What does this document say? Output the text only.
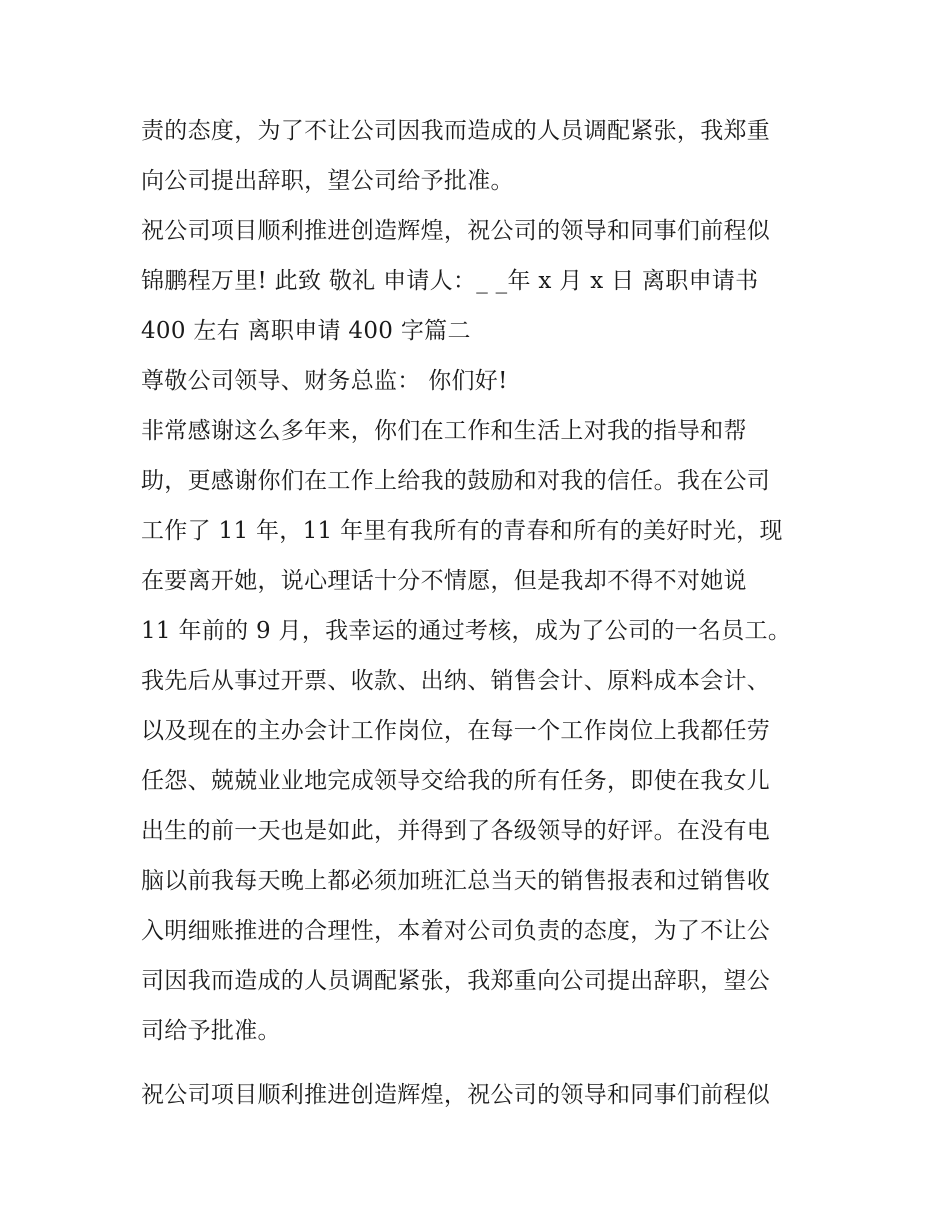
责的态度，为了不让公司因我而造成的人员调配紧张，我郑重
向公司提出辞职，望公司给予批准。
祝公司项目顺利推进创造辉煌，祝公司的领导和同事们前程似
锦鹏程万里! 此致 敬礼 申请人：_ _年 x 月 x 日 离职申请书
400 左右 离职申请 400 字篇二
尊敬公司领导、财务总监： 你们好!
非常感谢这么多年来，你们在工作和生活上对我的指导和帮
助，更感谢你们在工作上给我的鼓励和对我的信任。我在公司
工作了 11 年，11 年里有我所有的青春和所有的美好时光，现
在要离开她，说心理话十分不情愿，但是我却不得不对她说
11 年前的 9 月，我幸运的通过考核，成为了公司的一名员工。
我先后从事过开票、收款、出纳、销售会计、原料成本会计、
以及现在的主办会计工作岗位，在每一个工作岗位上我都任劳
任怨、兢兢业业地完成领导交给我的所有任务，即使在我女儿
出生的前一天也是如此，并得到了各级领导的好评。在没有电
脑以前我每天晚上都必须加班汇总当天的销售报表和过销售收
入明细账推进的合理性，本着对公司负责的态度，为了不让公
司因我而造成的人员调配紧张，我郑重向公司提出辞职，望公
司给予批准。
祝公司项目顺利推进创造辉煌，祝公司的领导和同事们前程似
